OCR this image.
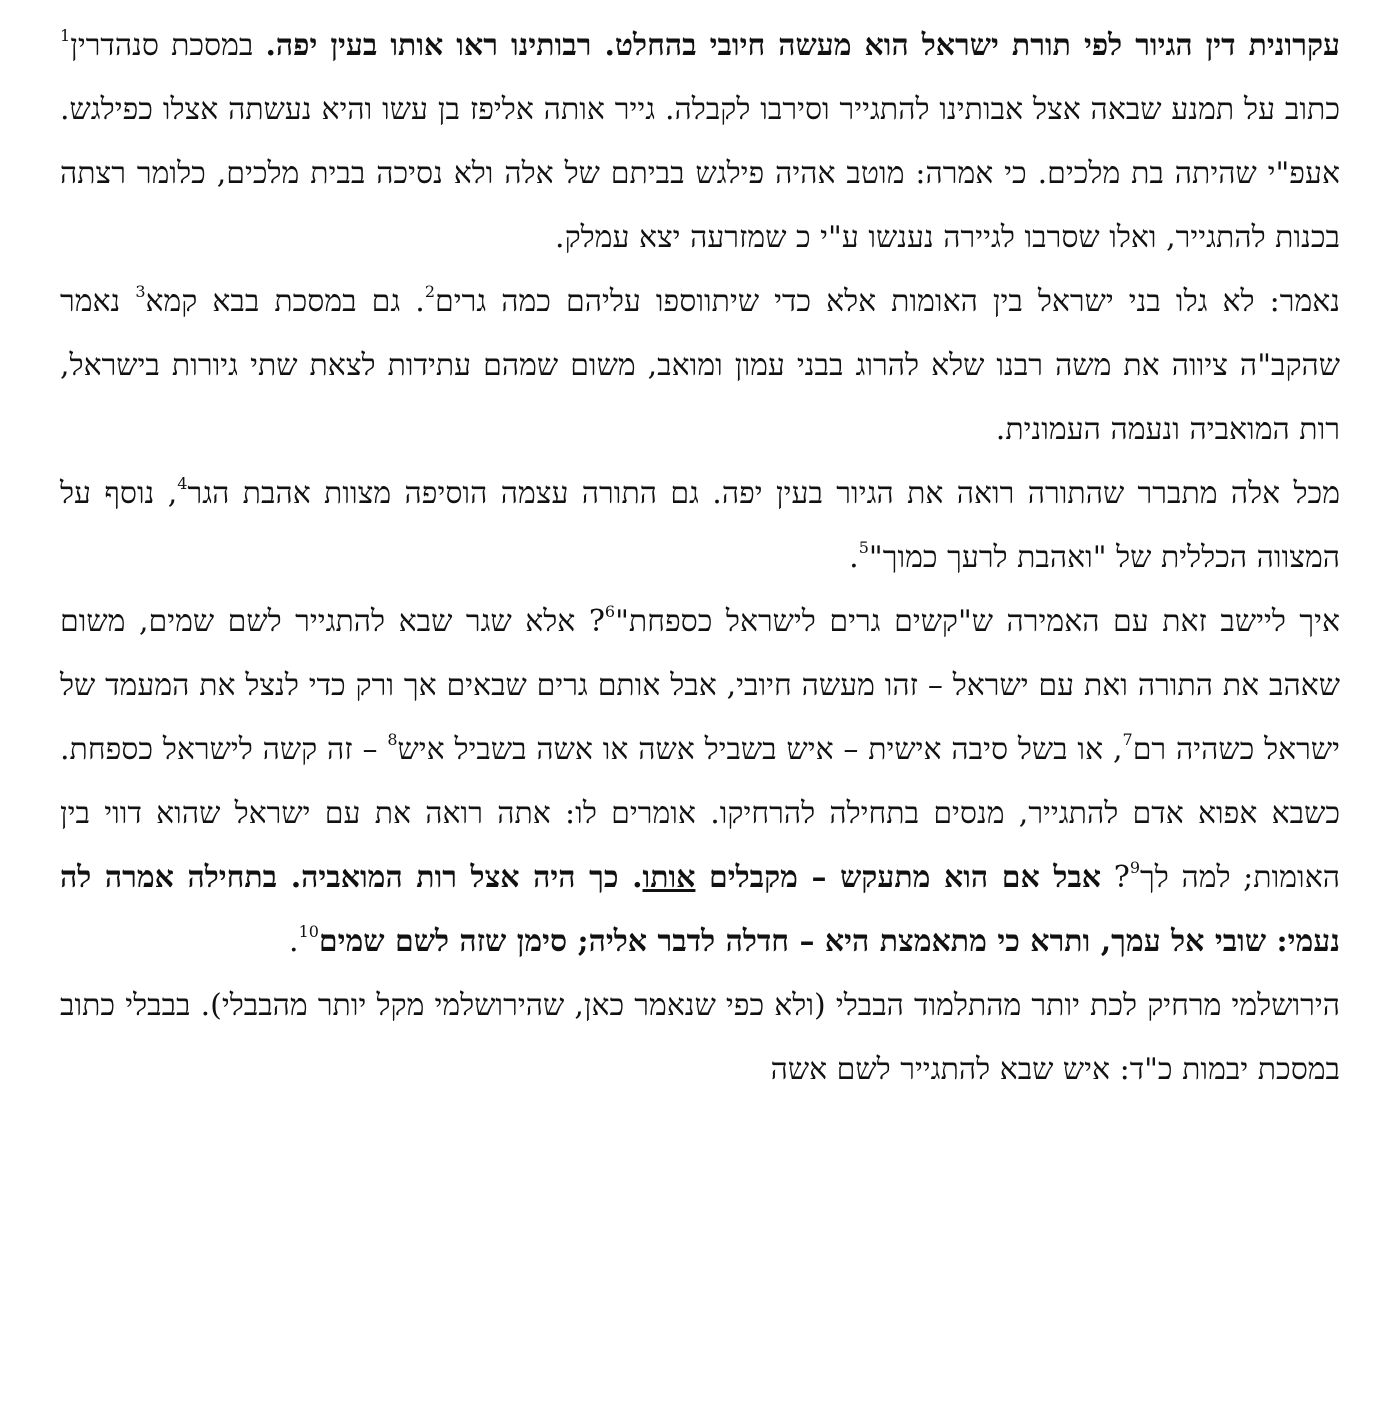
עקרונית דין הגיור לפי תורת ישראל הוא מעשה חיובי בהחלט. רבותינו ראו אותו בעין יפה. במסכת סנהדרין$^1$ כתוב על תמנע שבאה אצל אבותינו להתגייר וסירבו לקבלה. גייר אותה אליפז בן עשו והיא נעשתה אצלו כפילגש. אעפ"י שהיתה בת מלכים. כי אמרה: מוטב אהיה פילגש בביתם של אלה ולא נסיכה בבית מלכים, כלומר רצתה בכנות להתגייר, ואלו שסרבו לגיירה נענשו ע"י כ שמזרעה יצא עמלק.

נאמר: לא גלו בני ישראל בין האומות אלא כדי שיתווספו עליהם כמה גרים$^2$. גם במסכת בבא קמא$^3$ נאמר שהקב"ה ציווה את משה רבנו שלא להרוג בבני עמון ומואב, משום שמהם עתידות לצאת שתי גיורות בישראל, רות המואביה ונעמה העמונית.

מכל אלה מתברר שהתורה רואה את הגיור בעין יפה. גם התורה עצמה הוסיפה מצוות אהבת הגר$^4$, נוסף על המצווה הכללית של "ואהבת לרעך כמוך"$^5$.

איך ליישב זאת עם האמירה ש"קשים גרים לישראל כספחת"$^6$? אלא שגר שבא להתגייר לשם שמים, משום שאהב את התורה ואת עם ישראל – זהו מעשה חיובי, אבל אותם גרים שבאים אך ורק כדי לנצל את המעמד של ישראל כשהיה רם$^7$, או בשל סיבה אישית – איש בשביל אשה או אשה בשביל איש$^8$ – זה קשה לישראל כספחת. כשבא אפוא אדם להתגייר, מנסים בתחילה להרחיקו. אומרים לו: אתה רואה את עם ישראל שהוא דווי בין האומות; למה לך$^9$? אבל אם הוא מתעקש – מקבלים אותו. כך היה אצל רות המואביה. בתחילה אמרה לה נעמי: שובי אל עמך, ותרא כי מתאמצת היא – חדלה לדבר אליה; סימן שזה לשם שמים$^{10}$.

הירושלמי מרחיק לכת יותר מהתלמוד הבבלי (ולא כפי שנאמר כאן, שהירושלמי מקל יותר מהבבלי). בבבלי כתוב במסכת יבמות כ"ד: איש שבא להתגייר לשם אשה
